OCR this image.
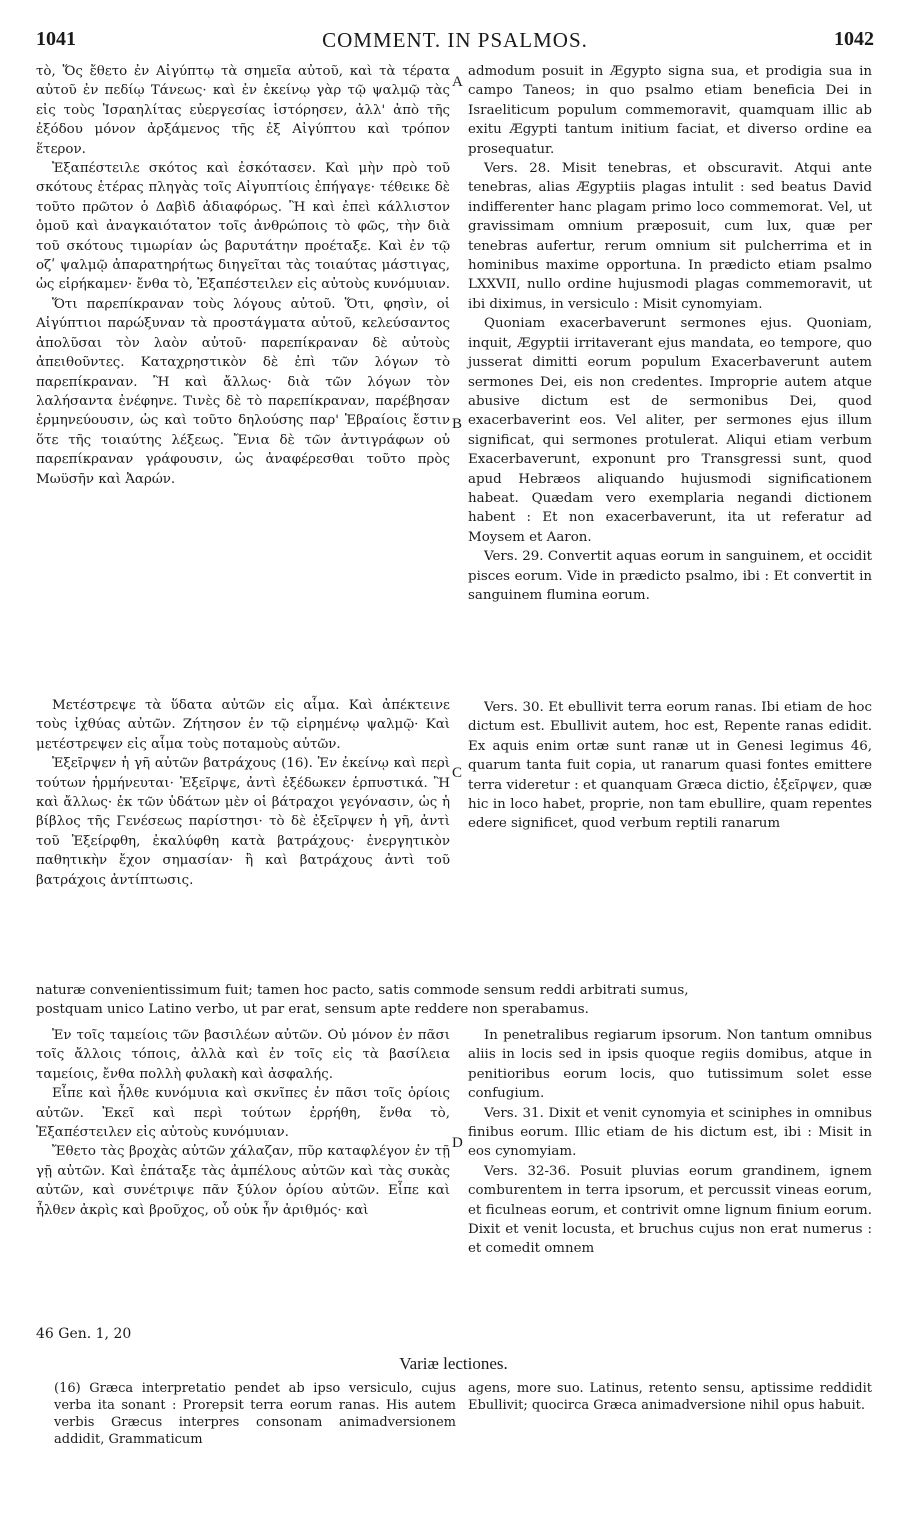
1041	COMMENT. IN PSALMOS.	1042
A
B
C
D

τὸ, Ὅς ἔθετο ἐν Αἰγύπτῳ τὰ σημεῖα αὐτοῦ, καὶ τὰ τέρατα αὐτοῦ ἐν πεδίῳ Τάνεως· καὶ ἐν ἐκείνῳ γὰρ τῷ ψαλμῷ τὰς εἰς τοὺς Ἰσραηλίτας εὐεργεσίας ἱστόρησεν, ἀλλ' ἀπὸ τῆς ἐξόδου μόνον ἀρξάμενος τῆς ἐξ Αἰγύπτου καὶ τρόπον ἕτερον.

Ἐξαπέστειλε σκότος καὶ ἐσκότασεν. Καὶ μὴν πρὸ τοῦ σκότους ἑτέρας πληγὰς τοῖς Αἰγυπτίοις ἐπήγαγε· τέθεικε δὲ τοῦτο πρῶτον ὁ Δαβὶδ ἀδιαφόρως. Ἢ καὶ ἐπεὶ κάλλιστον ὁμοῦ καὶ ἀναγκαιότατον τοῖς ἀνθρώποις τὸ φῶς, τὴν διὰ τοῦ σκότους τιμωρίαν ὡς βαρυτάτην προέταξε. Καὶ ἐν τῷ οζʹ ψαλμῷ ἀπαρατηρήτως διηγεῖται τὰς τοιαύτας μάστιγας, ὡς εἰρήκαμεν· ἔνθα τὸ, Ἐξαπέστειλεν εἰς αὐτοὺς κυνόμυιαν.

Ὅτι παρεπίκραναν τοὺς λόγους αὐτοῦ. Ὅτι, φησὶν, οἱ Αἰγύπτιοι παρώξυναν τὰ προστάγματα αὐτοῦ, κελεύσαντος ἀπολῦσαι τὸν λαὸν αὐτοῦ· παρεπίκραναν δὲ αὐτοὺς ἀπειθοῦντες. Καταχρηστικὸν δὲ ἐπὶ τῶν λόγων τὸ παρεπίκραναν. Ἢ καὶ ἄλλως· διὰ τῶν λόγων τὸν λαλήσαντα ἐνέφηνε. Τινὲς δὲ τὸ παρεπίκραναν, παρέβησαν ἑρμηνεύουσιν, ὡς καὶ τοῦτο δηλούσης παρ' Ἑβραίοις ἔστιν ὅτε τῆς τοιαύτης λέξεως. Ἔνια δὲ τῶν ἀντιγράφων οὐ παρεπίκραναν γράφουσιν, ὡς ἀναφέρεσθαι τοῦτο πρὸς Μωϋσῆν καὶ Ἀαρών.

admodum posuit in Ægypto signa sua, et prodigia sua in campo Taneos; in quo psalmo etiam beneficia Dei in Israeliticum populum commemoravit, quamquam illic ab exitu Ægypti tantum initium faciat, et diverso ordine ea prosequatur.

Vers. 28. Misit tenebras, et obscuravit. Atqui ante tenebras, alias Ægyptiis plagas intulit : sed beatus David indifferenter hanc plagam primo loco commemorat. Vel, ut gravissimam omnium præposuit, cum lux, quæ per tenebras aufertur, rerum omnium sit pulcherrima et in hominibus maxime opportuna. In prædicto etiam psalmo LXXVII, nullo ordine hujusmodi plagas commemoravit, ut ibi diximus, in versiculo : Misit cynomyiam.

Quoniam exacerbaverunt sermones ejus. Quoniam, inquit, Ægyptii irritaverant ejus mandata, eo tempore, quo jusserat dimitti eorum populum Exacerbaverunt autem sermones Dei, eis non credentes. Improprie autem atque abusive dictum est de sermonibus Dei, quod exacerbaverint eos. Vel aliter, per sermones ejus illum significat, qui sermones protulerat. Aliqui etiam verbum Exacerbaverunt, exponunt pro Transgressi sunt, quod apud Hebræos aliquando hujusmodi significationem habeat. Quædam vero exemplaria negandi dictionem habent : Et non exacerbaverunt, ita ut referatur ad Moysem et Aaron.

Vers. 29. Convertit aquas eorum in sanguinem, et occidit pisces eorum. Vide in prædicto psalmo, ibi : Et convertit in sanguinem flumina eorum.

Μετέστρεψε τὰ ὕδατα αὐτῶν εἰς αἷμα. Καὶ ἀπέκτεινε τοὺς ἰχθύας αὐτῶν. Ζήτησον ἐν τῷ εἰρημένῳ ψαλμῷ· Καὶ μετέστρεψεν εἰς αἷμα τοὺς ποταμοὺς αὐτῶν.

Ἐξεῖρψεν ἡ γῆ αὐτῶν βατράχους (16). Ἐν ἐκείνῳ καὶ περὶ τούτων ἡρμήνευται· Ἐξεῖρψε, ἀντὶ ἐξέδωκεν ἑρπυστικά. Ἢ καὶ ἄλλως· ἐκ τῶν ὑδάτων μὲν οἱ βάτραχοι γεγόνασιν, ὡς ἡ βίβλος τῆς Γενέσεως παρίστησι· τὸ δὲ ἐξεῖρψεν ἡ γῆ, ἀντὶ τοῦ Ἐξείρφθη, ἐκαλύφθη κατὰ βατράχους· ἐνεργητικὸν παθητικὴν ἔχον σημασίαν· ἢ καὶ βατράχους ἀντὶ τοῦ βατράχοις ἀντίπτωσις.

Vers. 30. Et ebullivit terra eorum ranas. Ibi etiam de hoc dictum est. Ebullivit autem, hoc est, Repente ranas edidit. Ex aquis enim ortæ sunt ranæ ut in Genesi legimus 46, quarum tanta fuit copia, ut ranarum quasi fontes emittere terra videretur : et quanquam Græca dictio, ἐξεῖρψεν, quæ hic in loco habet, proprie, non tam ebullire, quam repentes edere significet, quod verbum reptili ranarum

naturæ convenientissimum fuit; tamen hoc pacto, satis commode sensum reddi arbitrati sumus,

postquam unico Latino verbo, ut par erat, sensum apte reddere non sperabamus.

Ἐν τοῖς ταμείοις τῶν βασιλέων αὐτῶν. Οὐ μόνον ἐν πᾶσι τοῖς ἄλλοις τόποις, ἀλλὰ καὶ ἐν τοῖς εἰς τὰ βασίλεια ταμείοις, ἔνθα πολλὴ φυλακὴ καὶ ἀσφαλής.

Εἶπε καὶ ἦλθε κυνόμυια καὶ σκνῖπες ἐν πᾶσι τοῖς ὁρίοις αὐτῶν. Ἐκεῖ καὶ περὶ τούτων ἐρρήθη, ἔνθα τὸ, Ἐξαπέστειλεν εἰς αὐτοὺς κυνόμυιαν.

Ἔθετο τὰς βροχὰς αὐτῶν χάλαζαν, πῦρ καταφλέγον ἐν τῇ γῇ αὐτῶν. Καὶ ἐπάταξε τὰς ἀμπέλους αὐτῶν καὶ τὰς συκὰς αὐτῶν, καὶ συνέτριψε πᾶν ξύλον ὁρίου αὐτῶν. Εἶπε καὶ ἦλθεν ἀκρὶς καὶ βροῦχος, οὗ οὐκ ἦν ἀριθμός· καὶ

In penetralibus regiarum ipsorum. Non tantum omnibus aliis in locis sed in ipsis quoque regiis domibus, atque in penitioribus eorum locis, quo tutissimum solet esse confugium.

Vers. 31. Dixit et venit cynomyia et sciniphes in omnibus finibus eorum. Illic etiam de his dictum est, ibi : Misit in eos cynomyiam.

Vers. 32-36. Posuit pluvias eorum grandinem, ignem comburentem in terra ipsorum, et percussit vineas eorum, et ficulneas eorum, et contrivit omne lignum finium eorum. Dixit et venit locusta, et bruchus cujus non erat numerus : et comedit omnem

46 Gen. 1, 20
Variæ lectiones.

(16) Græca interpretatio pendet ab ipso versiculo, cujus verba ita sonant : Prorepsit terra eorum ranas. His autem verbis Græcus interpres consonam animadversionem addidit, Grammaticum

agens, more suo. Latinus, retento sensu, aptissime reddidit Ebullivit; quocirca Græca animadversione nihil opus habuit.
